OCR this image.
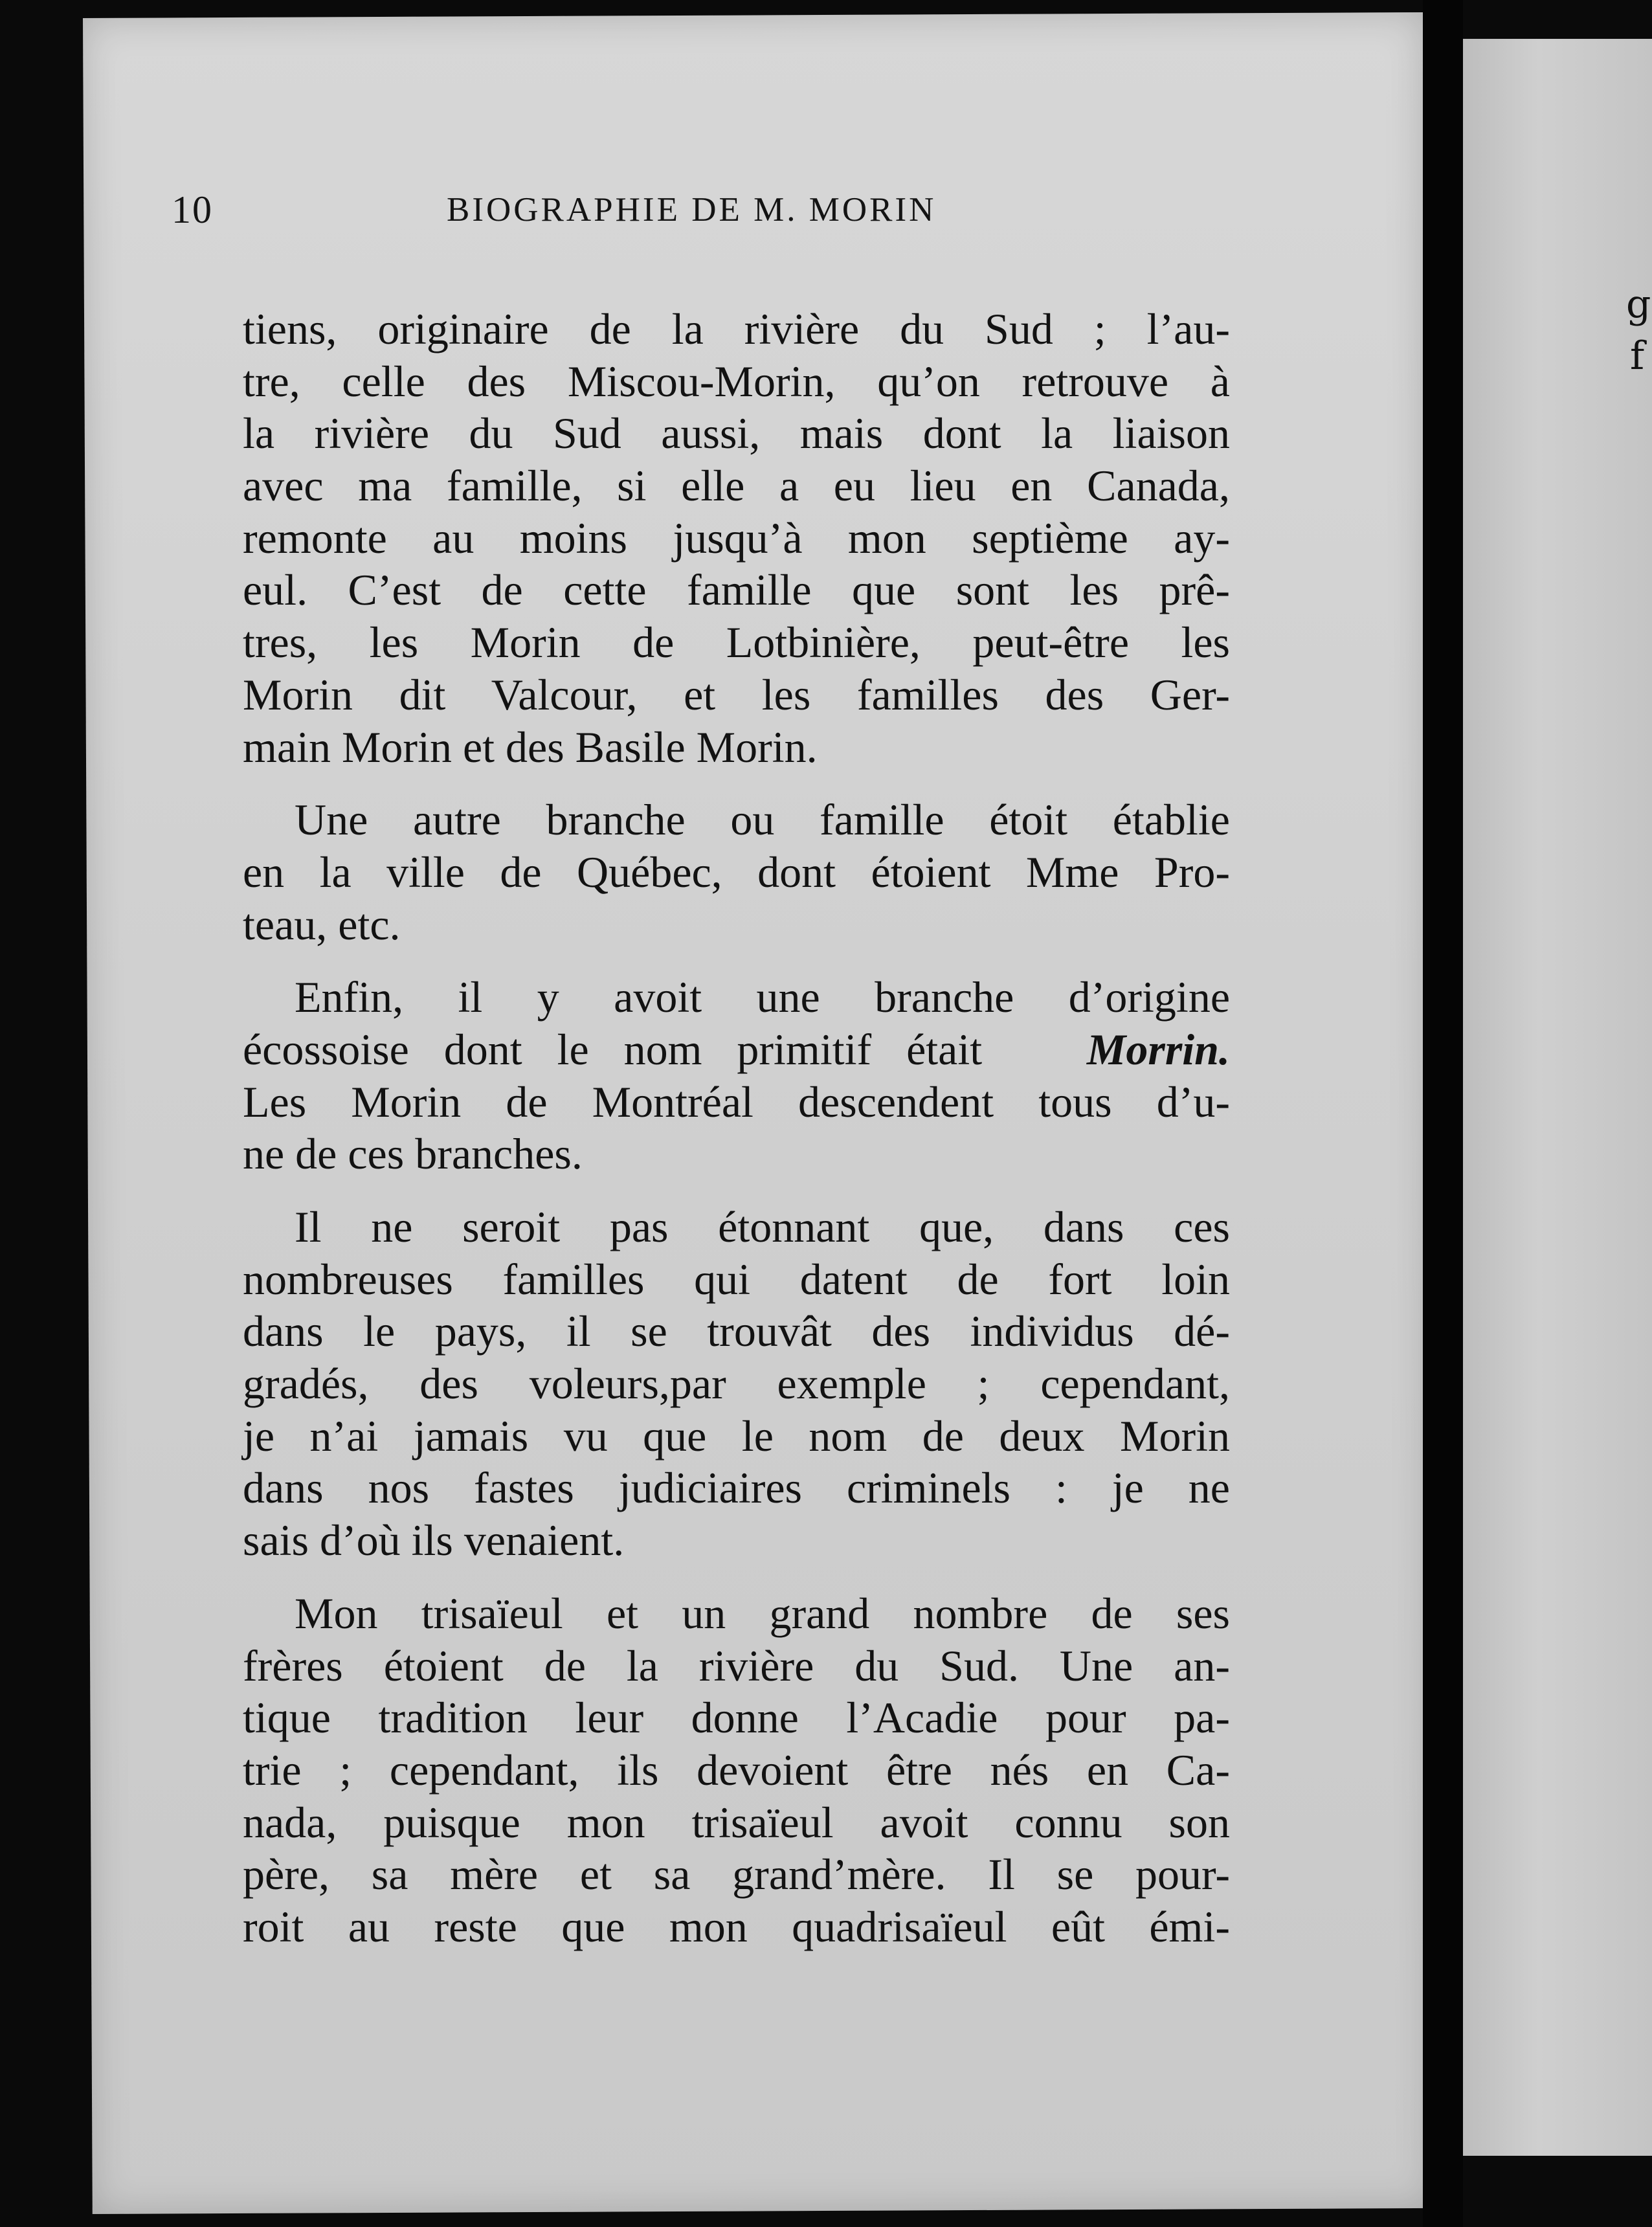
g
f
10	BIOGRAPHIE DE M. MORIN
tiens, originaire de la rivière du Sud ; l’au-
tre, celle des Miscou-Morin, qu’on retrouve à
la rivière du Sud aussi, mais dont la liaison
avec ma famille, si elle a eu lieu en Canada,
remonte au moins jusqu’à mon septième ay-
eul. C’est de cette famille que sont les prê-
tres, les Morin de Lotbinière, peut-être les
Morin dit Valcour, et les familles des Ger-
main Morin et des Basile Morin.
Une autre branche ou famille étoit établie
en la ville de Québec, dont étoient Mme Pro-
teau, etc.
Enfin, il y avoit une branche d’origine
écossoise dont le nom primitif était Morrin.
Les Morin de Montréal descendent tous d’u-
ne de ces branches.
Il ne seroit pas étonnant que, dans ces
nombreuses familles qui datent de fort loin
dans le pays, il se trouvât des individus dé-
gradés, des voleurs,par exemple ; cependant,
je n’ai jamais vu que le nom de deux Morin
dans nos fastes judiciaires criminels : je ne
sais d’où ils venaient.
Mon trisaïeul et un grand nombre de ses
frères étoient de la rivière du Sud. Une an-
tique tradition leur donne l’Acadie pour pa-
trie ; cependant, ils devoient être nés en Ca-
nada, puisque mon trisaïeul avoit connu son
père, sa mère et sa grand’mère. Il se pour-
roit au reste que mon quadrisaïeul eût émi-
